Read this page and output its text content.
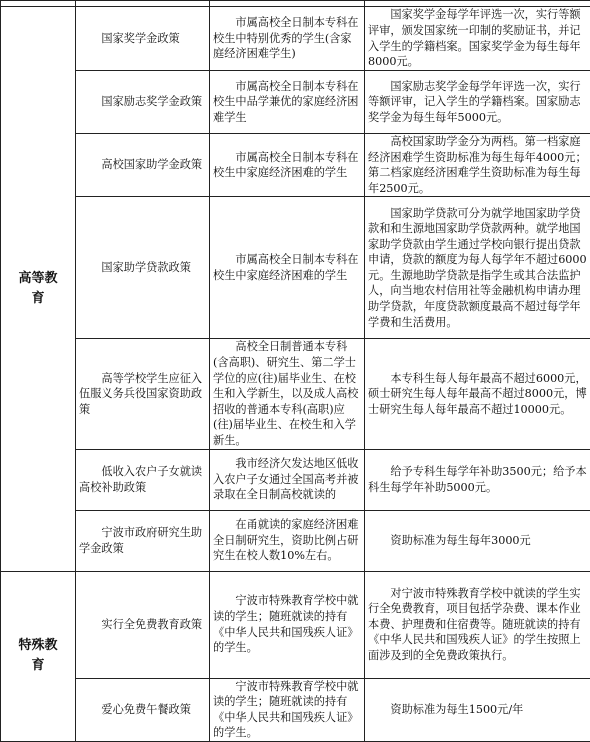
高等教育	国家奖学金政策	市属高校全日制本专科在校生中特别优秀的学生(含家庭经济困难学生)	国家奖学金每学年评选一次，实行等额评审，颁发国家统一印制的奖励证书，并记入学生的学籍档案。国家奖学金为每生每年8000元。
	国家励志奖学金政策	市属高校全日制本专科在校生中品学兼优的家庭经济困难学生	国家励志奖学金每学年评选一次，实行等额评审，记入学生的学籍档案。国家励志奖学金为每生每年5000元。
	高校国家助学金政策	市属高校全日制本专科在校生中家庭经济困难的学生	高校国家助学金分为两档。第一档家庭经济困难学生资助标准为每生每年4000元；第二档家庭经济困难学生资助标准为每生每年2500元。
	国家助学贷款政策	市属高校全日制本专科在校生中家庭经济困难的学生	国家助学贷款可分为就学地国家助学贷款和和生源地国家助学贷款两种。就学地国家助学贷款由学生通过学校向银行提出贷款申请，贷款的额度为每人每学年不超过6000元。生源地助学贷款是指学生或其合法监护人，向当地农村信用社等金融机构申请办理助学贷款，年度贷款额度最高不超过每学年学费和生活费用。
	高等学校学生应征入伍服义务兵役国家资助政策	高校全日制普通本专科(含高职)、研究生、第二学士学位的应(往)届毕业生、在校生和入学新生，以及成人高校招收的普通本专科(高职)应(往)届毕业生、在校生和入学新生。	本专科生每人每年最高不超过6000元，硕士研究生每人每年最高不超过8000元，博士研究生每人每年最高不超过10000元。
	低收入农户子女就读高校补助政策	我市经济欠发达地区低收入农户子女通过全国高考并被录取在全日制高校就读的	给予专科生每学年补助3500元；给予本科生每学年补助5000元。
	宁波市政府研究生助学金政策	在甬就读的家庭经济困难全日制研究生，资助比例占研究生在校人数10%左右。	资助标准为每生每年3000元
特殊教育	实行全免费教育政策	宁波市特殊教育学校中就读的学生；随班就读的持有《中华人民共和国残疾人证》的学生。	对宁波市特殊教育学校中就读的学生实行全免费教育，项目包括学杂费、课本作业本费、护理费和住宿费等。随班就读的持有《中华人民共和国残疾人证》的学生按照上面涉及到的全免费政策执行。
	爱心免费午餐政策	宁波市特殊教育学校中就读的学生；随班就读的持有《中华人民共和国残疾人证》的学生。	资助标准为每生1500元/年
